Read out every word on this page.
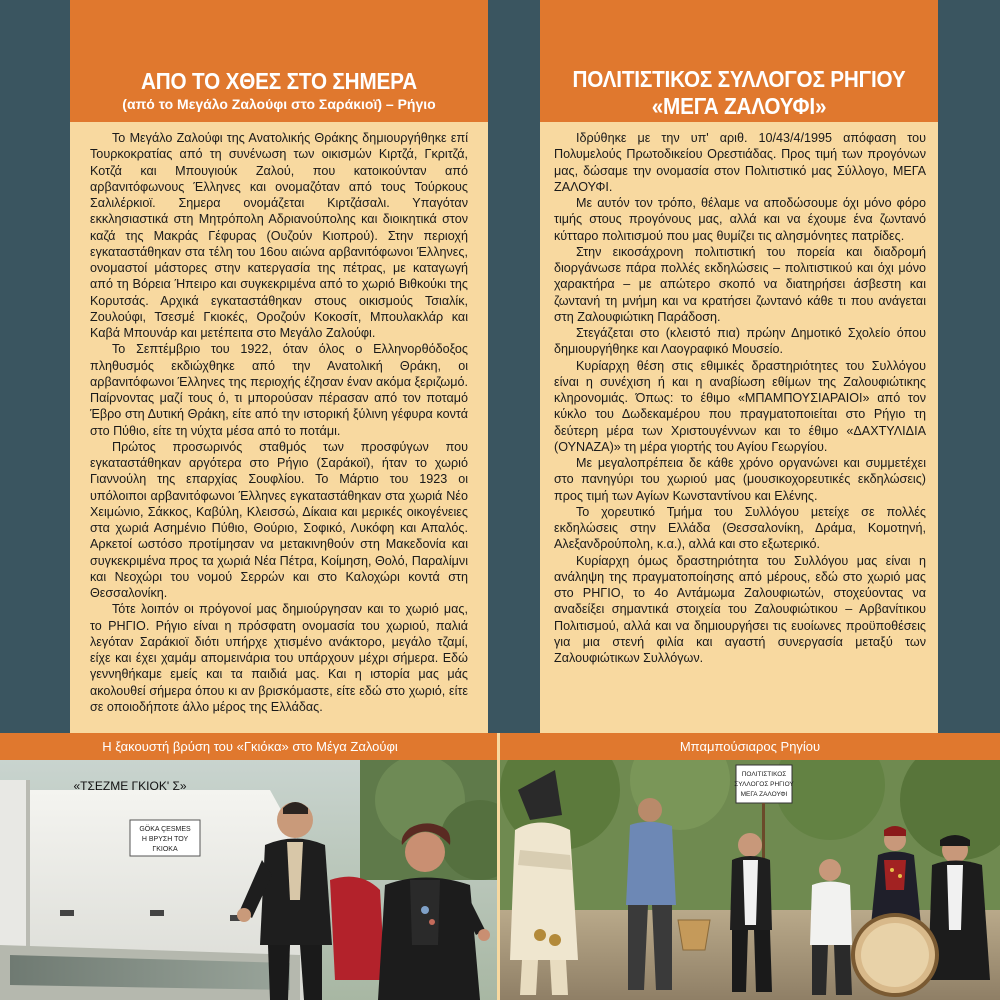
ΑΠΟ ΤΟ ΧΘΕΣ ΣΤΟ ΣΗΜΕΡΑ
(από το Μεγάλο Ζαλούφι στο Σαράκιοϊ) – Ρήγιο

Το Μεγάλο Ζαλούφι της Ανατολικής Θράκης δημιουργήθηκε επί Τουρκοκρατίας από τη συνένωση των οικισμών Κιρτζά, Γκριτζά, Κοτζά και Μπουγιούκ Ζαλού, που κατοικούνταν από αρβανιτόφωνους Έλληνες και ονομαζόταν από τους Τούρκους Σαλιλέρκιοϊ. Σημερα ονομάζεται Κιρτζάσαλι. Υπαγόταν εκκλησιαστικά στη Μητρόπολη Αδριανούπολης και διοικητικά στον καζά της Μακράς Γέφυρας (Ουζούν Κιοπρού). Στην περιοχή εγκαταστάθηκαν στα τέλη του 16ου αιώνα αρβανιτόφωνοι Έλληνες, ονομαστοί μάστορες στην κατεργασία της πέτρας, με καταγωγή από τη Βόρεια Ήπειρο και συγκεκριμένα από το χωριό Βιθκούκι της Κορυτσάς. Αρχικά εγκαταστάθηκαν στους οικισμούς Τσιαλίκ, Ζουλούφι, Τσεσμέ Γκιοκές, Οροζούν Κοκοσίτ, Μπουλακλάρ και Καβά Μπουνάρ και μετέπειτα στο Μεγάλο Ζαλούφι.

Το Σεπτέμβριο του 1922, όταν όλος ο Ελληνορθόδοξος πληθυσμός εκδιώχθηκε από την Ανατολική Θράκη, οι αρβανιτόφωνοι Έλληνες της περιοχής έζησαν έναν ακόμα ξεριζωμό. Παίρνοντας μαζί τους ό, τι μπορούσαν πέρασαν από τον ποταμό Έβρο στη Δυτική Θράκη, είτε από την ιστορική ξύλινη γέφυρα κοντά στο Πύθιο, είτε τη νύχτα μέσα από το ποτάμι.

Πρώτος προσωρινός σταθμός των προσφύγων που εγκαταστάθηκαν αργότερα στο Ρήγιο (Σαράκοϊ), ήταν το χωριό Γιαννούλη της επαρχίας Σουφλίου. Το Μάρτιο του 1923 οι υπόλοιποι αρβανιτόφωνοι Έλληνες εγκαταστάθηκαν στα χωριά Νέο Χειμώνιο, Σάκκος, Καβύλη, Κλεισσώ, Δίκαια και μερικές οικογένειες στα χωριά Ασημένιο Πύθιο, Θούριο, Σοφικό, Λυκόφη και Απαλός. Αρκετοί ωστόσο προτίμησαν να μετακινηθούν στη Μακεδονία και συγκεκριμένα προς τα χωριά Νέα Πέτρα, Κοίμηση, Θολό, Παραλίμνι και Νεοχώρι του νομού Σερρών και στο Καλοχώρι κοντά στη Θεσσαλονίκη.

Τότε λοιπόν οι πρόγονοί μας δημιούργησαν και το χωριό μας, το ΡΗΓΙΟ. Ρήγιο είναι η πρόσφατη ονομασία του χωριού, παλιά λεγόταν Σαράκιοϊ διότι υπήρχε χτισμένο ανάκτορο, μεγάλο τζαμί, είχε και έχει χαμάμ απομεινάρια του υπάρχουν μέχρι σήμερα. Εδώ γεννηθήκαμε εμείς και τα παιδιά μας. Και η ιστορία μας μάς ακολουθεί σήμερα όπου κι αν βρισκόμαστε, είτε εδώ στο χωριό, είτε σε οποιοδήποτε άλλο μέρος της Ελλάδας.

ΠΟΛΙΤΙΣΤΙΚΟΣ ΣΥΛΛΟΓΟΣ ΡΗΓΙΟΥ
«ΜΕΓΑ ΖΑΛΟΥΦΙ»

Ιδρύθηκε με την υπ' αριθ. 10/43/4/1995 απόφαση του Πολυμελούς Πρωτοδικείου Ορεστιάδας. Προς τιμή των προγόνων μας, δώσαμε την ονομασία στον Πολιτιστικό μας Σύλλογο, ΜΕΓΑ ΖΑΛΟΥΦΙ.

Με αυτόν τον τρόπο, θέλαμε να αποδώσουμε όχι μόνο φόρο τιμής στους προγόνους μας, αλλά και να έχουμε ένα ζωντανό κύτταρο πολιτισμού που μας θυμίζει τις αλησμόνητες πατρίδες.

Στην εικοσάχρονη πολιτιστική του πορεία και διαδρομή διοργάνωσε πάρα πολλές εκδηλώσεις – πολιτιστικού και όχι μόνο χαρακτήρα – με απώτερο σκοπό να διατηρήσει άσβεστη και ζωντανή τη μνήμη και να κρατήσει ζωντανό κάθε τι που ανάγεται στη Ζαλουφιώτικη Παράδοση.

Στεγάζεται στο (κλειστό πια) πρώην Δημοτικό Σχολείο όπου δημιουργήθηκε και Λαογραφικό Μουσείο.

Κυρίαρχη θέση στις εθιμικές δραστηριότητες του Συλλόγου είναι η συνέχιση ή και η αναβίωση εθίμων της Ζαλουφιώτικης κληρονομιάς. Όπως: το έθιμο «ΜΠΑΜΠΟΥΣΙΑΡΑΙΟΙ» από τον κύκλο του Δωδεκαμέρου που πραγματοποιείται στο Ρήγιο τη δεύτερη μέρα των Χριστουγέννων και το έθιμο «ΔΑΧΤΥΛΙΔΙΑ (ΟΥΝΑΖΑ)» τη μέρα γιορτής του Αγίου Γεωργίου.

Με μεγαλοπρέπεια δε κάθε χρόνο οργανώνει και συμμετέχει στο πανηγύρι του χωριού μας (μουσικοχορευτικές εκδηλώσεις) προς τιμή των Αγίων Κωνσταντίνου και Ελένης.

Το χορευτικό Τμήμα του Συλλόγου μετείχε σε πολλές εκδηλώσεις στην Ελλάδα (Θεσσαλονίκη, Δράμα, Κομοτηνή, Αλεξανδρούπολη, κ.α.), αλλά και στο εξωτερικό.

Κυρίαρχη όμως δραστηριότητα του Συλλόγου μας είναι η ανάληψη της πραγματοποίησης από μέρους, εδώ στο χωριό μας στο ΡΗΓΙΟ, το 4ο Αντάμωμα Ζαλουφιωτών, στοχεύοντας να αναδείξει σημαντικά στοιχεία του Ζαλουφιώτικου – Αρβανίτικου Πολιτισμού, αλλά και να δημιουργήσει τις ευοίωνες προϋποθέσεις για μια στενή φιλία και αγαστή συνεργασία μεταξύ των Ζαλουφιώτικων Συλλόγων.

Η ξακουστή βρύση του «Γκιόκα» στο Μέγα Ζαλούφι	Μπαμπούσιαρος Ρηγίου
GÖKA ÇESMES
Η ΒΡΥΣΗ ΤΟΥ
ΓΚΙΟΚΑ
«ΤΣΕΖΜΕ ΓΚΙΟΚ' Σ»
ΠΟΛΙΤΙΣΤΙΚΟΣ
ΣΥΛΛΟΓΟΣ ΡΗΓΙΟΥ
ΜΕΓΑ ΖΑΛΟΥΦΙ
